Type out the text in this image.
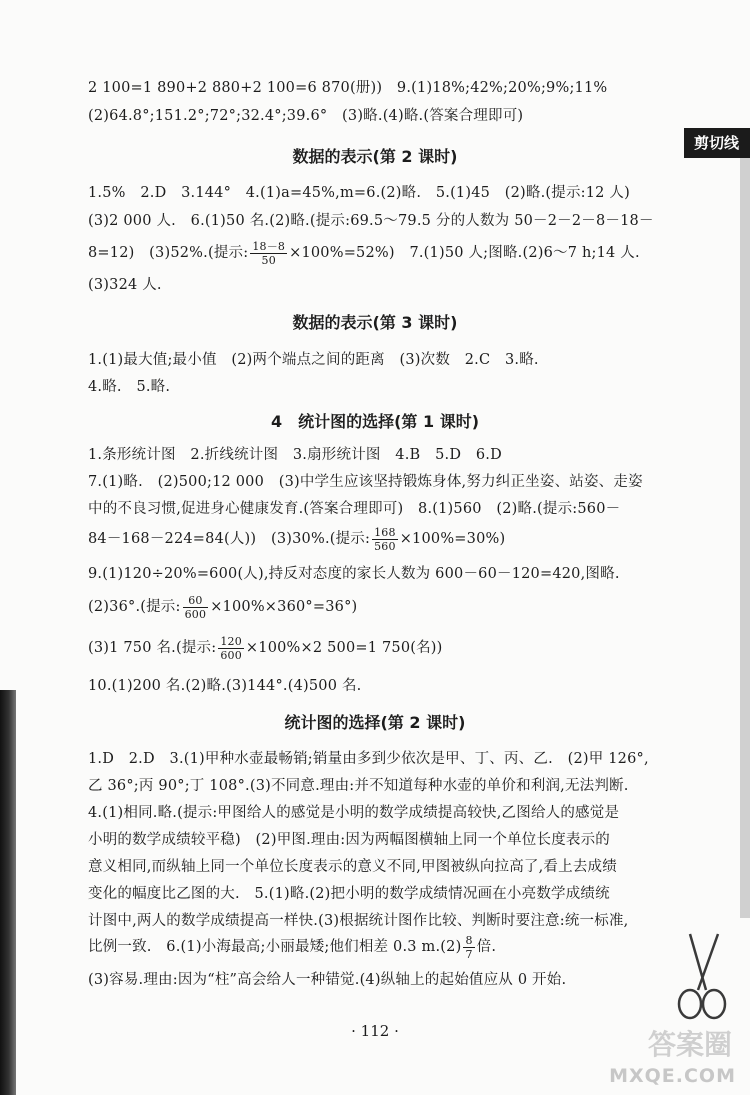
剪切线
2 100=1 890+2 880+2 100=6 870(册))　9.(1)18%;42%;20%;9%;11%
(2)64.8°;151.2°;72°;32.4°;39.6°　(3)略.(4)略.(答案合理即可)
数据的表示(第 2 课时)
1.5%　2.D　3.144°　4.(1)a=45%,m=6.(2)略.　5.(1)45　(2)略.(提示:12 人)
(3)2 000 人.　6.(1)50 名.(2)略.(提示:69.5～79.5 分的人数为 50－2－2－8－18－
8=12)　(3)52%.(提示: $\frac{18-8}{50} \times 100\%=52\%$)　7.(1)50 人;图略.(2)6～7 h;14 人.
(3)324 人.
数据的表示(第 3 课时)
1.(1)最大值;最小值　(2)两个端点之间的距离　(3)次数　2.C　3.略.
4.略.　5.略.
4　统计图的选择(第 1 课时)
1.条形统计图　2.折线统计图　3.扇形统计图　4.B　5.D　6.D
7.(1)略.　(2)500;12 000　(3)中学生应该坚持锻炼身体,努力纠正坐姿、站姿、走姿
中的不良习惯,促进身心健康发育.(答案合理即可)　8.(1)560　(2)略.(提示:560－
84－168－224=84(人))　(3)30%.(提示: $\frac{168}{560} \times 100\%=30\%$)
9.(1)120÷20%=600(人),持反对态度的家长人数为 600－60－120=420,图略.
(2)36°.(提示: $\frac{60}{600} \times 100\%\times 360^\circ=36^\circ$)
(3)1 750 名.(提示: $\frac{120}{600} \times 100\%\times 2$ 500=1 750(名))
10.(1)200 名.(2)略.(3)144°.(4)500 名.
统计图的选择(第 2 课时)
1.D　2.D　3.(1)甲种水壶最畅销;销量由多到少依次是甲、丁、丙、乙.　(2)甲 126°,
乙 36°;丙 90°;丁 108°.(3)不同意.理由:并不知道每种水壶的单价和利润,无法判断.
4.(1)相同.略.(提示:甲图给人的感觉是小明的数学成绩提高较快,乙图给人的感觉是
小明的数学成绩较平稳)　(2)甲图.理由:因为两幅图横轴上同一个单位长度表示的
意义相同,而纵轴上同一个单位长度表示的意义不同,甲图被纵向拉高了,看上去成绩
变化的幅度比乙图的大.　5.(1)略.(2)把小明的数学成绩情况画在小亮数学成绩统
计图中,两人的数学成绩提高一样快.(3)根据统计图作比较、判断时要注意:统一标准,
比例一致.　6.(1)小海最高;小丽最矮;他们相差 0.3 $m.(2) \frac{8}{7}$ 倍.
(3)容易.理由:因为“柱”高会给人一种错觉.(4)纵轴上的起始值应从 0 开始.
· 112 ·	答案圈
MXQE.COM
